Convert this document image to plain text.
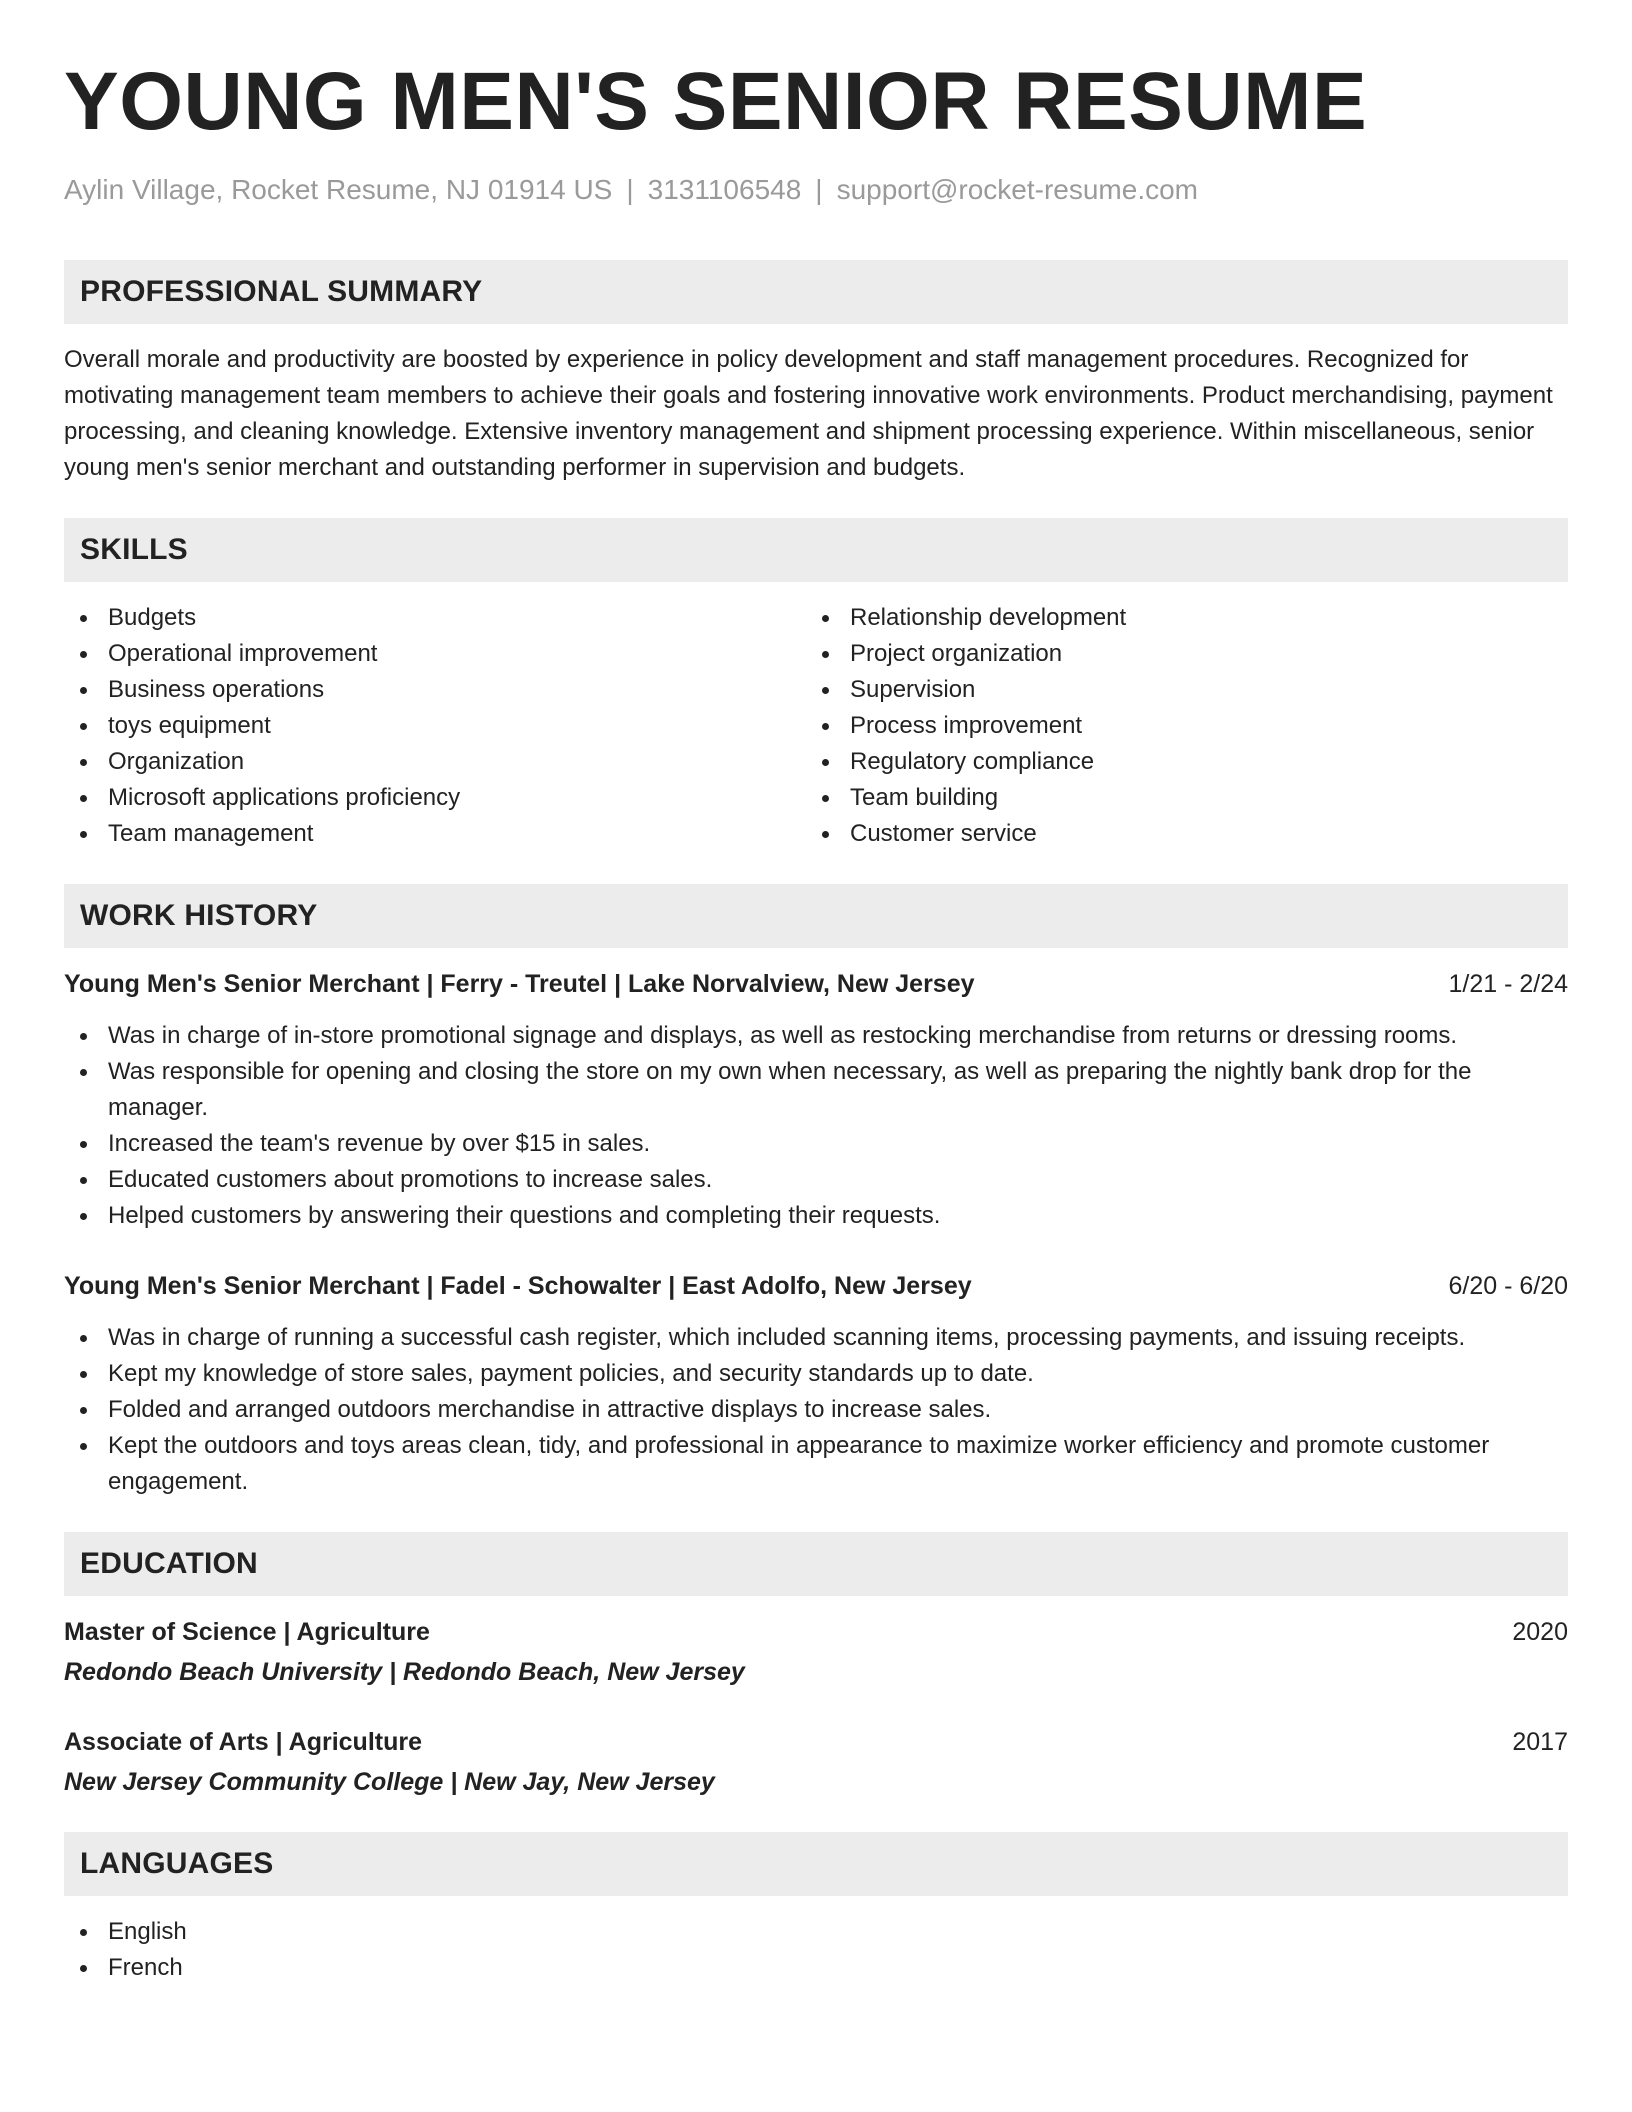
YOUNG MEN'S SENIOR RESUME
Aylin Village, Rocket Resume, NJ 01914 US | 3131106548 | support@rocket-resume.com
PROFESSIONAL SUMMARY

Overall morale and productivity are boosted by experience in policy development and staff management procedures. Recognized for motivating management team members to achieve their goals and fostering innovative work environments. Product merchandising, payment processing, and cleaning knowledge. Extensive inventory management and shipment processing experience. Within miscellaneous, senior young men's senior merchant and outstanding performer in supervision and budgets.

SKILLS
Budgets
Operational improvement
Business operations
toys equipment
Organization
Microsoft applications proficiency
Team management
Relationship development
Project organization
Supervision
Process improvement
Regulatory compliance
Team building
Customer service
WORK HISTORY
Young Men's Senior Merchant | Ferry - Treutel | Lake Norvalview, New Jersey	1/21 - 2/24
Was in charge of in-store promotional signage and displays, as well as restocking merchandise from returns or dressing rooms.
Was responsible for opening and closing the store on my own when necessary, as well as preparing the nightly bank drop for the manager.
Increased the team's revenue by over $15 in sales.
Educated customers about promotions to increase sales.
Helped customers by answering their questions and completing their requests.
Young Men's Senior Merchant | Fadel - Schowalter | East Adolfo, New Jersey	6/20 - 6/20
Was in charge of running a successful cash register, which included scanning items, processing payments, and issuing receipts.
Kept my knowledge of store sales, payment policies, and security standards up to date.
Folded and arranged outdoors merchandise in attractive displays to increase sales.
Kept the outdoors and toys areas clean, tidy, and professional in appearance to maximize worker efficiency and promote customer engagement.
EDUCATION
Master of Science | Agriculture	2020
Redondo Beach University | Redondo Beach, New Jersey
Associate of Arts | Agriculture	2017
New Jersey Community College | New Jay, New Jersey
LANGUAGES
English
French
